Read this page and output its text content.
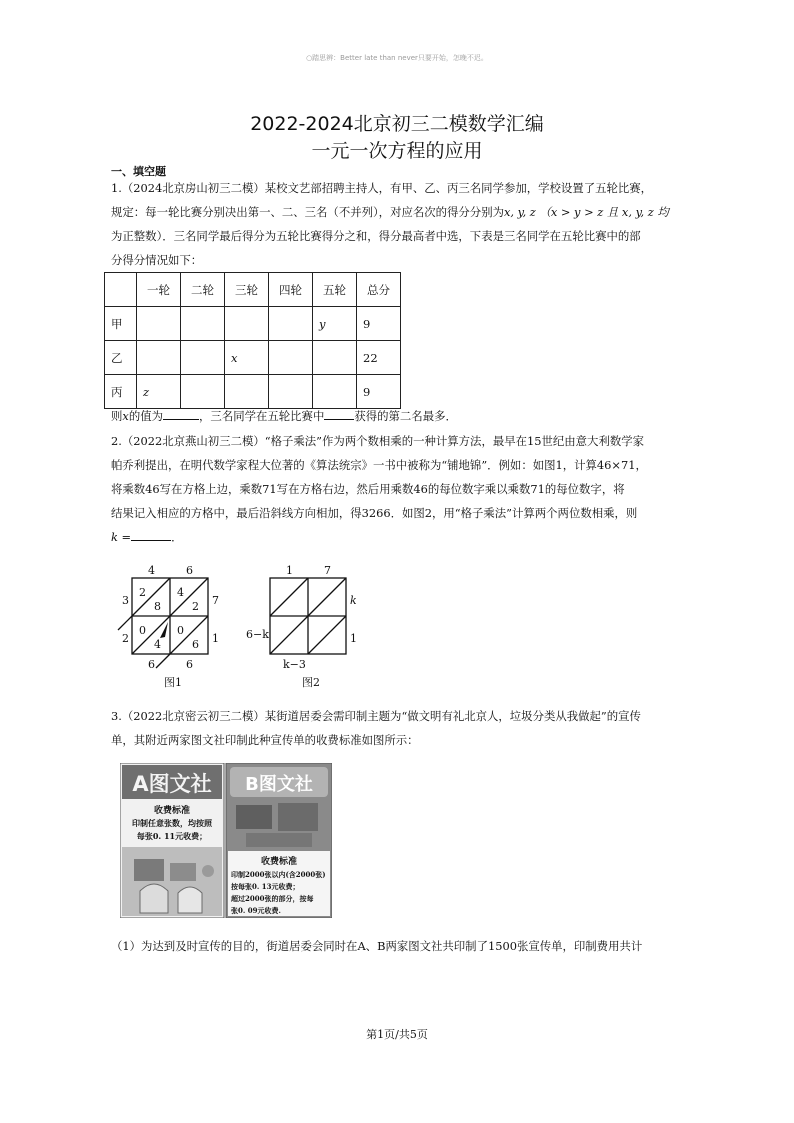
○踏思辨：Better late than never只要开始，怎晚不迟。
2022-2024北京初三二模数学汇编
一元一次方程的应用
一、填空题
1.（2024北京房山初三二模）某校文艺部招聘主持人，有甲、乙、丙三名同学参加，学校设置了五轮比赛，
规定：每一轮比赛分别决出第一、二、三名（不并列），对应名次的得分分别为x, y, z （x > y > z 且 x, y, z 均
为正整数）．三名同学最后得分为五轮比赛得分之和，得分最高者中选，下表是三名同学在五轮比赛中的部
分得分情况如下：
	一轮	二轮	三轮	四轮	五轮	总分
甲					y	9
乙			x			22
丙	z					9
则x的值为	，三名同学在五轮比赛中	获得的第二名最多．
2.（2022北京燕山初三二模）“格子乘法”作为两个数相乘的一种计算方法，最早在15世纪由意大利数学家
帕乔利提出，在明代数学家程大位著的《算法统宗》一书中被称为“铺地锦”．例如：如图1，计算46×71，
将乘数46写在方格上边，乘数71写在方格右边，然后用乘数46的每位数字乘以乘数71的每位数字，将
结果记入相应的方格中，最后沿斜线方向相加，得3266．如图2，用“格子乘法”计算两个两位数相乘，则
k =	．
4	6
7
1
3
2
6	6
2
8
4
2
0
4
0
6
图1
1	7
k
1
6−k
k−3
图2
3.（2022北京密云初三二模）某街道居委会需印制主题为“做文明有礼北京人，垃圾分类从我做起”的宣传
单，其附近两家图文社印制此种宣传单的收费标准如图所示：
A图文社
收费标准
印制任意张数，均按照
每张0. 11元收费；
B图文社
收费标准
印制2000张以内(含2000张)
按每张0. 13元收费；
超过2000张的部分，按每
张0. 09元收费.
（1）为达到及时宣传的目的，街道居委会同时在A、B两家图文社共印制了1500张宣传单，印制费用共计
第1页/共5页
